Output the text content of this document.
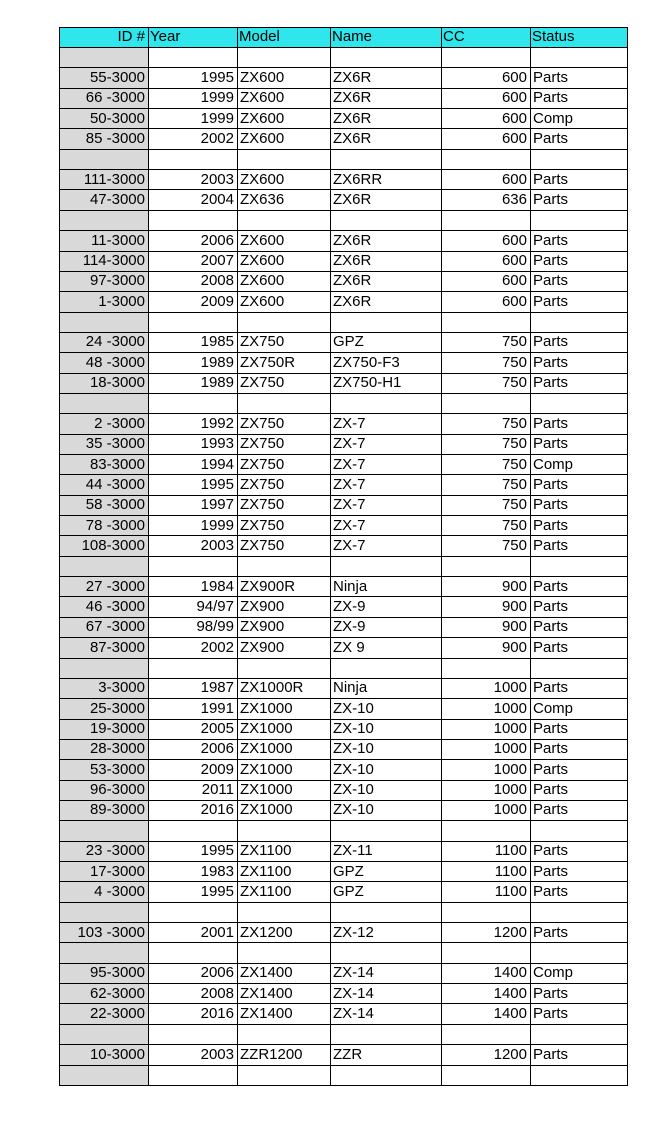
ID # Year	Model	Name	CC	Status
55-3000	1995 ZX600	ZX6R	600 Parts
66 -3000	1999 ZX600	ZX6R	600 Parts
50-3000	1999 ZX600	ZX6R	600 Comp
85 -3000	2002 ZX600	ZX6R	600 Parts
111-3000	2003 ZX600	ZX6RR	600 Parts
47-3000	2004 ZX636	ZX6R	636 Parts
11-3000	2006 ZX600	ZX6R	600 Parts
114-3000	2007 ZX600	ZX6R	600 Parts
97-3000	2008 ZX600	ZX6R	600 Parts
1-3000	2009 ZX600	ZX6R	600 Parts
24 -3000	1985 ZX750	GPZ	750 Parts
48 -3000	1989 ZX750R	ZX750-F3	750 Parts
18-3000	1989 ZX750	ZX750-H1	750 Parts
2 -3000	1992 ZX750	ZX-7	750 Parts
35 -3000	1993 ZX750	ZX-7	750 Parts
83-3000	1994 ZX750	ZX-7	750 Comp
44 -3000	1995 ZX750	ZX-7	750 Parts
58 -3000	1997 ZX750	ZX-7	750 Parts
78 -3000	1999 ZX750	ZX-7	750 Parts
108-3000	2003 ZX750	ZX-7	750 Parts
27 -3000	1984 ZX900R	Ninja	900 Parts
46 -3000	94/97 ZX900	ZX-9	900 Parts
67 -3000	98/99 ZX900	ZX-9	900 Parts
87-3000	2002 ZX900	ZX 9	900 Parts
3-3000	1987 ZX1000R	Ninja	1000 Parts
25-3000	1991 ZX1000	ZX-10	1000 Comp
19-3000	2005 ZX1000	ZX-10	1000 Parts
28-3000	2006 ZX1000	ZX-10	1000 Parts
53-3000	2009 ZX1000	ZX-10	1000 Parts
96-3000	2011 ZX1000	ZX-10	1000 Parts
89-3000	2016 ZX1000	ZX-10	1000 Parts
23 -3000	1995 ZX1100	ZX-11	1100 Parts
17-3000	1983 ZX1100	GPZ	1100 Parts
4 -3000	1995 ZX1100	GPZ	1100 Parts
103 -3000	2001 ZX1200	ZX-12	1200 Parts
95-3000	2006 ZX1400	ZX-14	1400 Comp
62-3000	2008 ZX1400	ZX-14	1400 Parts
22-3000	2016 ZX1400	ZX-14	1400 Parts
10-3000	2003 ZZR1200	ZZR	1200 Parts
